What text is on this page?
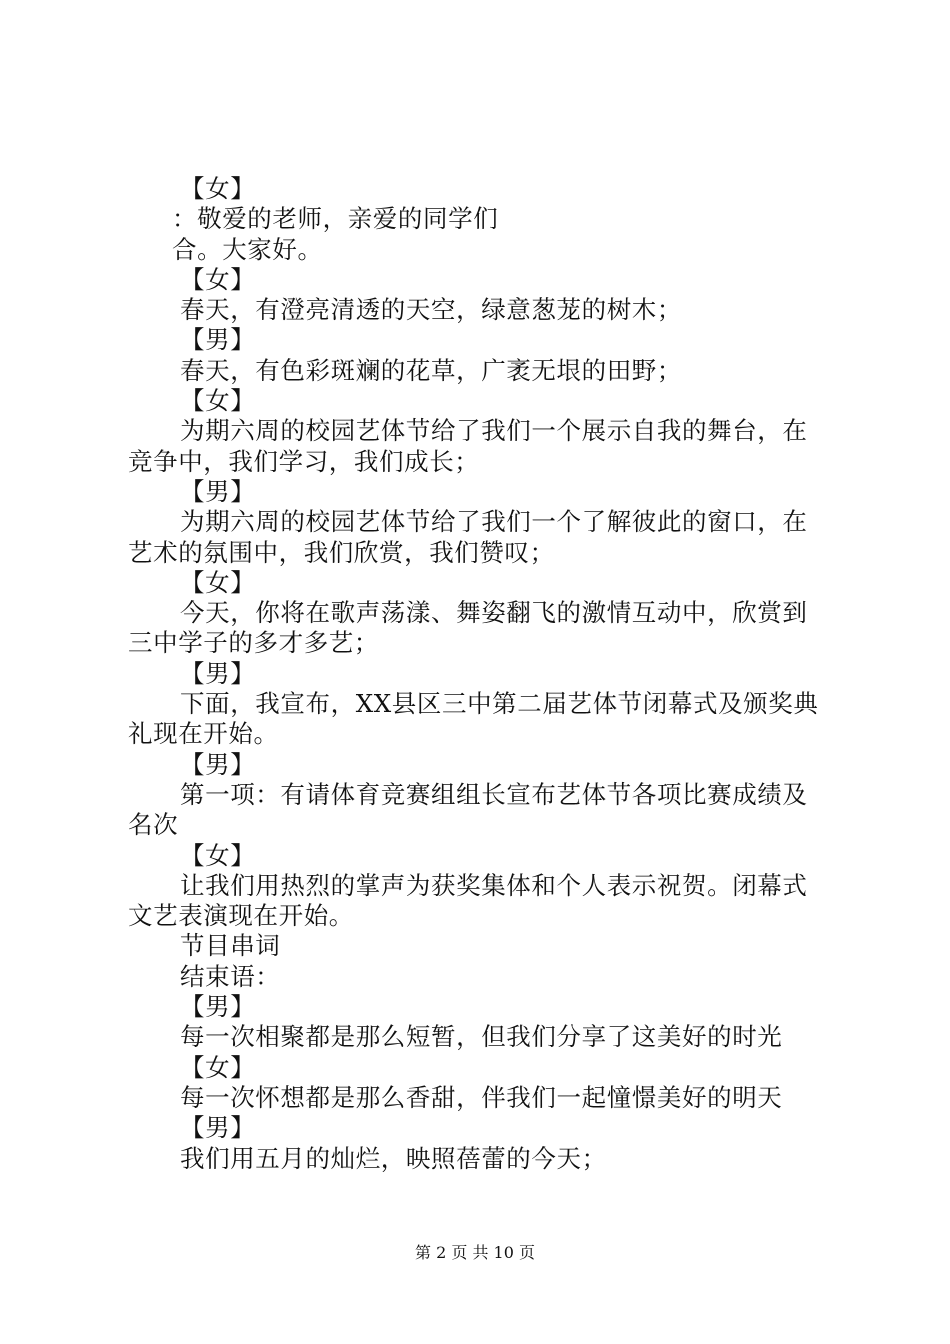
【女】
：敬爱的老师，亲爱的同学们
合。大家好。
【女】
春天，有澄亮清透的天空，绿意葱茏的树木；
【男】
春天，有色彩斑斓的花草，广袤无垠的田野；
【女】
为期六周的校园艺体节给了我们一个展示自我的舞台，在
竞争中，我们学习，我们成长；
【男】
为期六周的校园艺体节给了我们一个了解彼此的窗口，在
艺术的氛围中，我们欣赏，我们赞叹；
【女】
今天，你将在歌声荡漾、舞姿翻飞的激情互动中，欣赏到
三中学子的多才多艺；
【男】
下面，我宣布，XX县区三中第二届艺体节闭幕式及颁奖典
礼现在开始。
【男】
第一项：有请体育竞赛组组长宣布艺体节各项比赛成绩及
名次
【女】
让我们用热烈的掌声为获奖集体和个人表示祝贺。闭幕式
文艺表演现在开始。
节目串词
结束语：
【男】
每一次相聚都是那么短暂，但我们分享了这美好的时光
【女】
每一次怀想都是那么香甜，伴我们一起憧憬美好的明天
【男】
我们用五月的灿烂，映照蓓蕾的今天；
第 2 页 共 10 页
